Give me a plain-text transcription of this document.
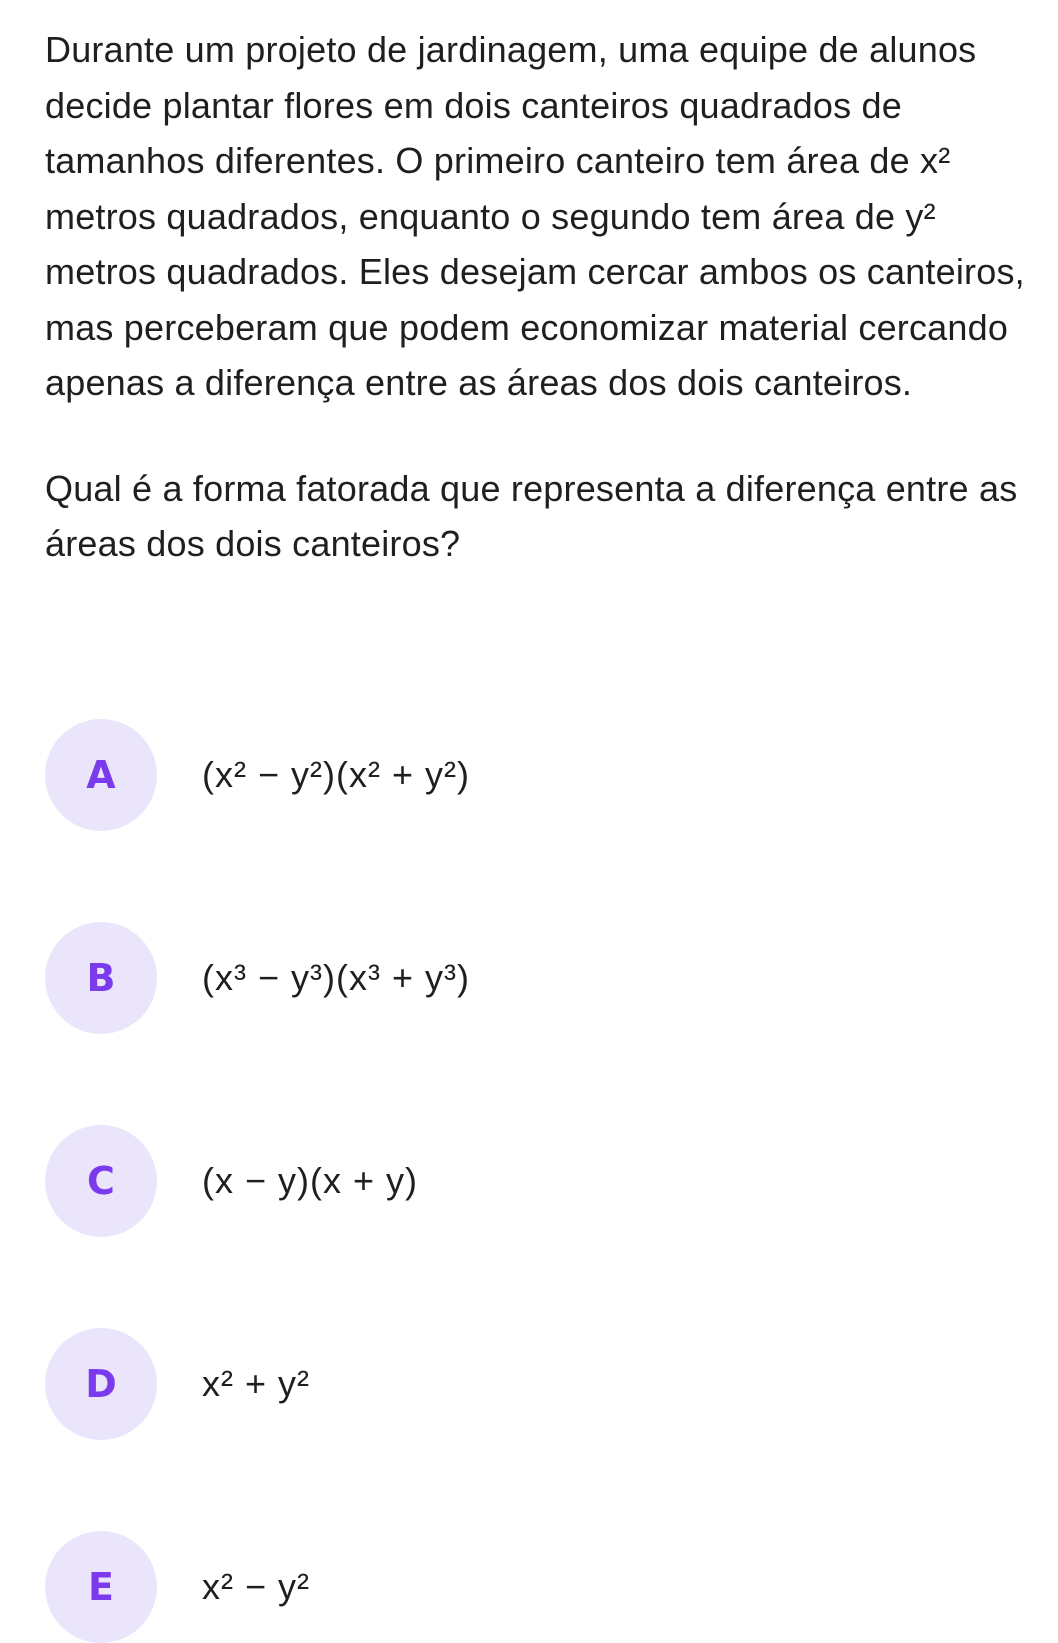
Durante um projeto de jardinagem, uma equipe de alunos decide plantar flores em dois canteiros quadrados de tamanhos diferentes. O primeiro canteiro tem área de x² metros quadrados, enquanto o segundo tem área de y² metros quadrados. Eles desejam cercar ambos os canteiros, mas perceberam que podem economizar material cercando apenas a diferença entre as áreas dos dois canteiros.

Qual é a forma fatorada que representa a diferença entre as áreas dos dois canteiros?

A (x² − y²)(x² + y²)
B (x³ − y³)(x³ + y³)
C (x − y)(x + y)
D x² + y²
E x² − y²
